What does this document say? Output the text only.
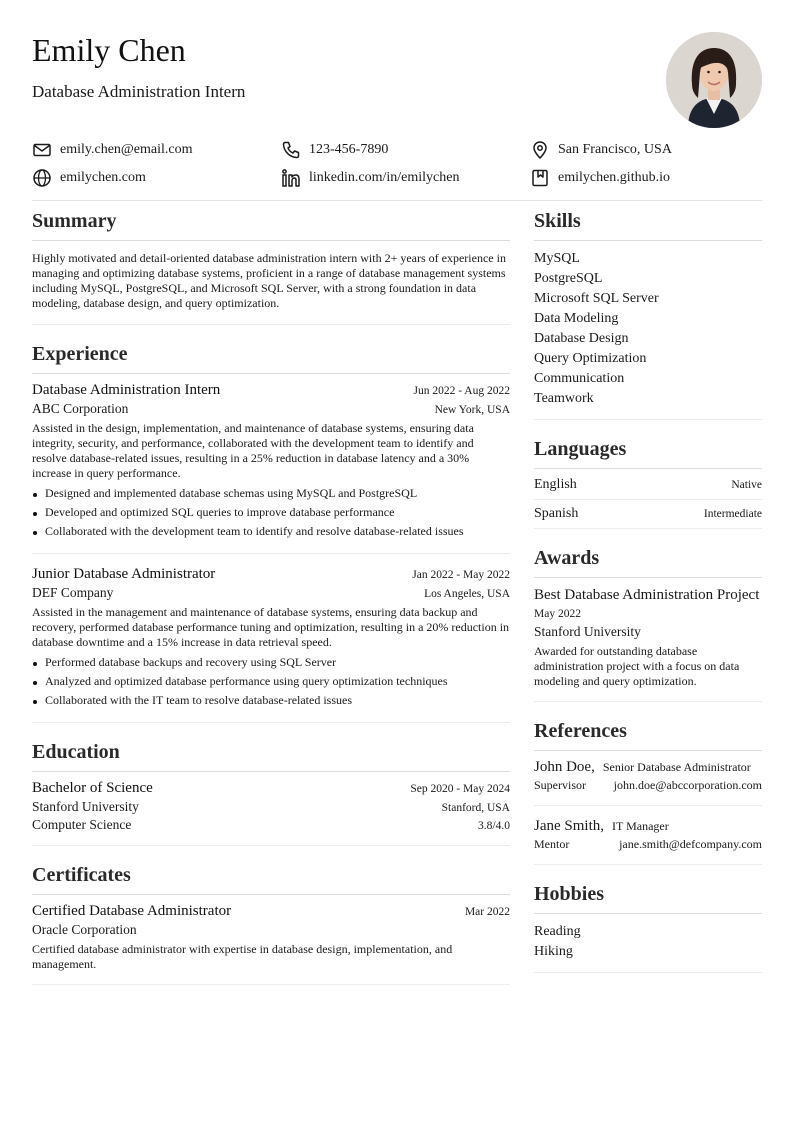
Emily Chen
Database Administration Intern
emily.chen@email.com	123-456-7890	San Francisco, USA
emilychen.com	linkedin.com/in/emilychen	emilychen.github.io
Summary

Highly motivated and detail-oriented database administration intern with 2+ years of experience in managing and optimizing database systems, proficient in a range of database management systems including MySQL, PostgreSQL, and Microsoft SQL Server, with a strong foundation in data modeling, database design, and query optimization.

Experience
Database Administration Intern	Jun 2022 - Aug 2022
ABC Corporation	New York, USA

Assisted in the design, implementation, and maintenance of database systems, ensuring data integrity, security, and performance, collaborated with the development team to identify and resolve database-related issues, resulting in a 25% reduction in database latency and a 30% increase in query performance.

Designed and implemented database schemas using MySQL and PostgreSQL
Developed and optimized SQL queries to improve database performance
Collaborated with the development team to identify and resolve database-related issues
Junior Database Administrator	Jan 2022 - May 2022
DEF Company	Los Angeles, USA

Assisted in the management and maintenance of database systems, ensuring data backup and recovery, performed database performance tuning and optimization, resulting in a 20% reduction in database downtime and a 15% increase in data retrieval speed.

Performed database backups and recovery using SQL Server
Analyzed and optimized database performance using query optimization techniques
Collaborated with the IT team to resolve database-related issues
Education
Bachelor of Science	Sep 2020 - May 2024
Stanford University	Stanford, USA
Computer Science	3.8/4.0
Certificates
Certified Database Administrator	Mar 2022
Oracle Corporation

Certified database administrator with expertise in database design, implementation, and management.

Skills
MySQL
PostgreSQL
Microsoft SQL Server
Data Modeling
Database Design
Query Optimization
Communication
Teamwork
Languages
English	Native
Spanish	Intermediate
Awards
Best Database Administration Project
May 2022
Stanford University

Awarded for outstanding database administration project with a focus on data modeling and query optimization.

References
John Doe, Senior Database Administrator
Supervisor john.doe@abccorporation.com
Jane Smith, IT Manager
Mentor	jane.smith@defcompany.com
Hobbies
Reading
Hiking
